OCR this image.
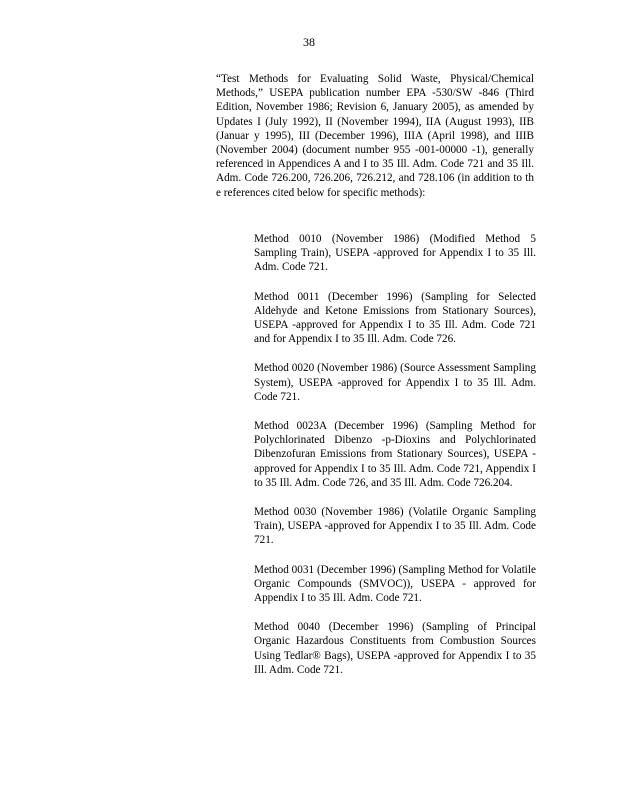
38

“Test Methods for Evaluating Solid Waste, Physical/Chemical Methods,” USEPA publication number EPA -530/SW -846 (Third Edition, November 1986; Revision 6, January 2005), as amended by Updates I (July 1992), II (November 1994), IIA (August 1993), IIB (Januar y 1995), III (December 1996), IIIA (April 1998), and IIIB (November 2004) (document number 955 -001-00000 -1), generally referenced in Appendices A and I to 35 Ill. Adm. Code 721 and 35 Ill. Adm. Code 726.200, 726.206, 726.212, and 728.106 (in addition to th e references cited below for specific methods):

Method 0010 (November 1986) (Modified Method 5 Sampling Train), USEPA -approved for Appendix I to 35 Ill. Adm. Code 721.

Method 0011 (December 1996) (Sampling for Selected Aldehyde and Ketone Emissions from Stationary Sources), USEPA -approved for Appendix I to 35 Ill. Adm. Code 721 and for Appendix I to 35 Ill. Adm. Code 726.

Method 0020 (November 1986) (Source Assessment Sampling System), USEPA -approved for Appendix I to 35 Ill. Adm. Code 721.

Method 0023A (December 1996) (Sampling Method for Polychlorinated Dibenzo -p-Dioxins and Polychlorinated Dibenzofuran Emissions from Stationary Sources), USEPA -approved for Appendix I to 35 Ill. Adm. Code 721, Appendix I to 35 Ill. Adm. Code 726, and 35 Ill. Adm. Code 726.204.

Method 0030 (November 1986) (Volatile Organic Sampling Train), USEPA -approved for Appendix I to 35 Ill. Adm. Code 721.

Method 0031 (December 1996) (Sampling Method for Volatile Organic Compounds (SMVOC)), USEPA - approved for Appendix I to 35 Ill. Adm. Code 721.

Method 0040 (December 1996) (Sampling of Principal Organic Hazardous Constituents from Combustion Sources Using Tedlar® Bags), USEPA -approved for Appendix I to 35 Ill. Adm. Code 721.
